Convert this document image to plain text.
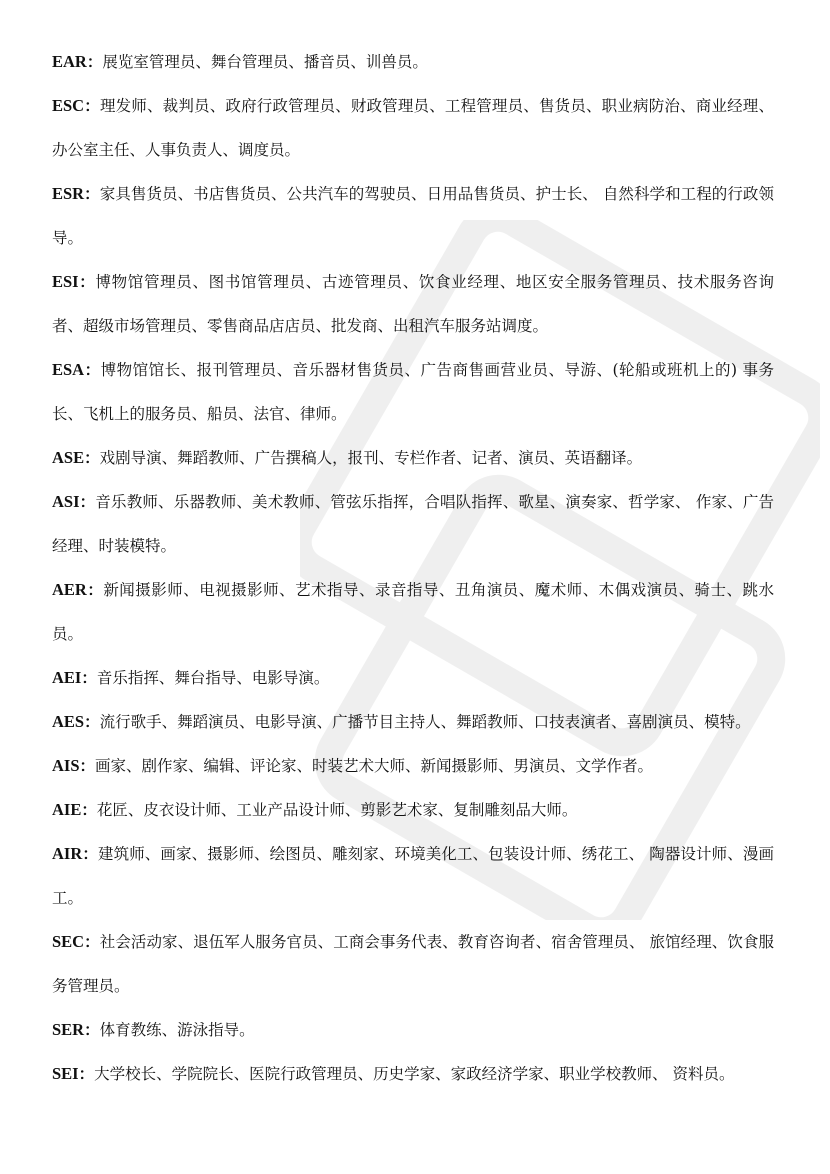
EAR：展览室管理员、舞台管理员、播音员、训兽员。

ESC：理发师、裁判员、政府行政管理员、财政管理员、工程管理员、售货员、职业病防治、商业经理、办公室主任、人事负责人、调度员。

ESR：家具售货员、书店售货员、公共汽车的驾驶员、日用品售货员、护士长、 自然科学和工程的行政领导。

ESI：博物馆管理员、图书馆管理员、古迹管理员、饮食业经理、地区安全服务管理员、技术服务咨询者、超级市场管理员、零售商品店店员、批发商、出租汽车服务站调度。

ESA：博物馆馆长、报刊管理员、音乐器材售货员、广告商售画营业员、导游、(轮船或班机上的) 事务长、飞机上的服务员、船员、法官、律师。

ASE：戏剧导演、舞蹈教师、广告撰稿人，报刊、专栏作者、记者、演员、英语翻译。

ASI：音乐教师、乐器教师、美术教师、管弦乐指挥，合唱队指挥、歌星、演奏家、哲学家、 作家、广告经理、时装模特。

AER：新闻摄影师、电视摄影师、艺术指导、录音指导、丑角演员、魔术师、木偶戏演员、骑士、跳水员。

AEI：音乐指挥、舞台指导、电影导演。

AES：流行歌手、舞蹈演员、电影导演、广播节目主持人、舞蹈教师、口技表演者、喜剧演员、模特。

AIS：画家、剧作家、编辑、评论家、时装艺术大师、新闻摄影师、男演员、文学作者。

AIE：花匠、皮衣设计师、工业产品设计师、剪影艺术家、复制雕刻品大师。

AIR：建筑师、画家、摄影师、绘图员、雕刻家、环境美化工、包装设计师、绣花工、 陶器设计师、漫画工。

SEC：社会活动家、退伍军人服务官员、工商会事务代表、教育咨询者、宿舍管理员、 旅馆经理、饮食服务管理员。

SER：体育教练、游泳指导。

SEI：大学校长、学院院长、医院行政管理员、历史学家、家政经济学家、职业学校教师、 资料员。
